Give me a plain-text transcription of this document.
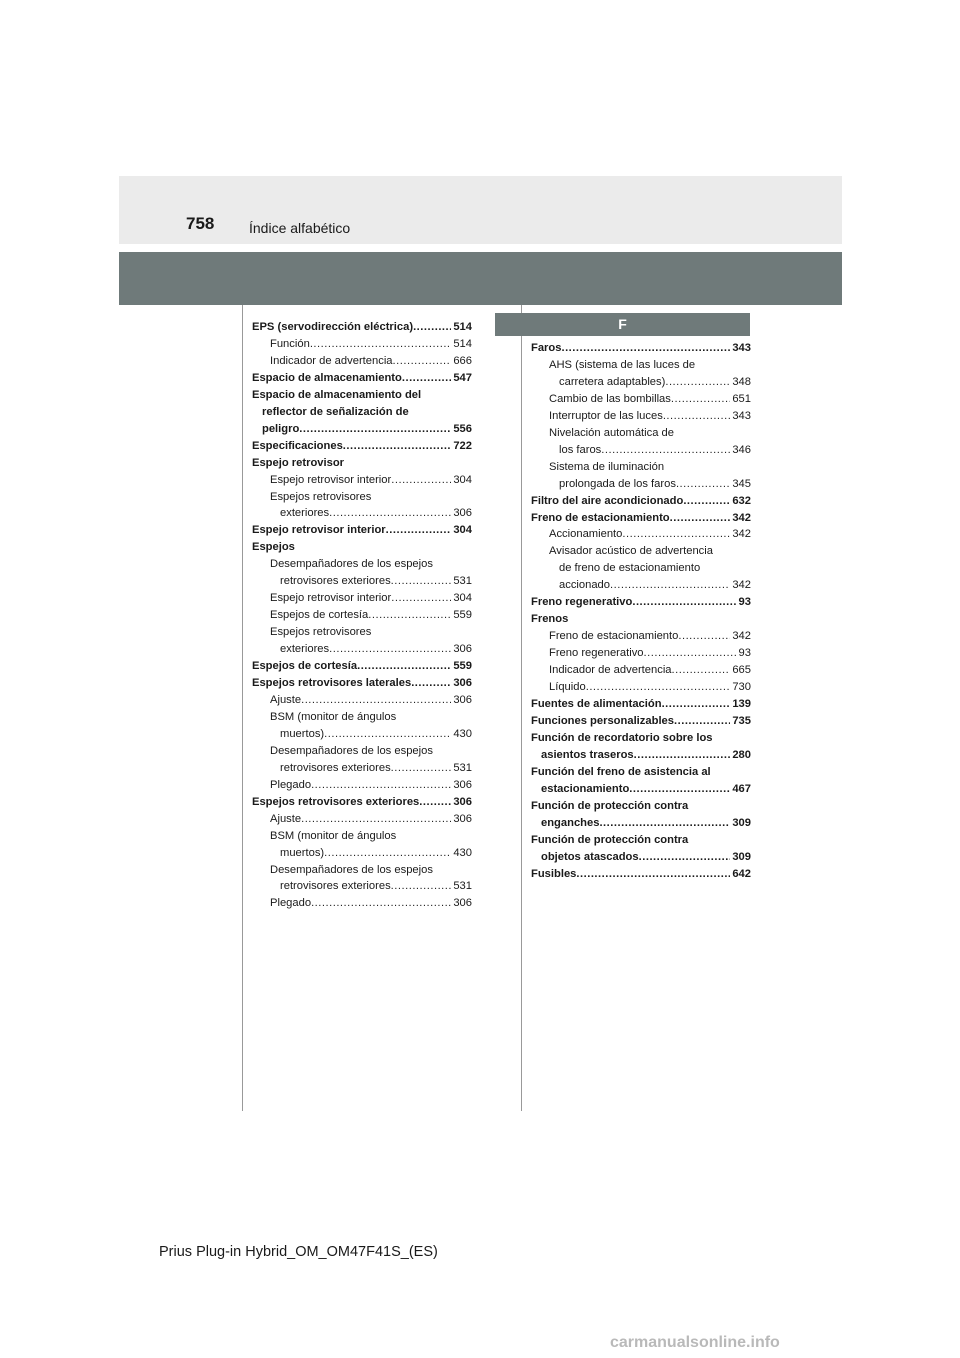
758 Índice alfabético
F
EPS (servodirección eléctrica) .....	514
Función .....	514
Indicador de advertencia .....	666
Espacio de almacenamiento .....	547
Espacio de almacenamiento del
reflector de señalización de
peligro .....	556
Especificaciones .....	722
Espejo retrovisor
Espejo retrovisor interior .....	304
Espejos retrovisores
exteriores .....	306
Espejo retrovisor interior .....	304
Espejos
Desempañadores de los espejos
retrovisores exteriores .....	531
Espejo retrovisor interior .....	304
Espejos de cortesía .....	559
Espejos retrovisores
exteriores .....	306
Espejos de cortesía .....	559
Espejos retrovisores laterales .....	306
Ajuste .....	306
BSM (monitor de ángulos
muertos) .....	430
Desempañadores de los espejos
retrovisores exteriores .....	531
Plegado .....	306
Espejos retrovisores exteriores .....	306
Ajuste .....	306
BSM (monitor de ángulos
muertos) .....	430
Desempañadores de los espejos
retrovisores exteriores .....	531
Plegado .....	306
Faros .....	343
AHS (sistema de las luces de
carretera adaptables) .....	348
Cambio de las bombillas .....	651
Interruptor de las luces .....	343
Nivelación automática de
los faros .....	346
Sistema de iluminación
prolongada de los faros .....	345
Filtro del aire acondicionado .....	632
Freno de estacionamiento .....	342
Accionamiento .....	342
Avisador acústico de advertencia
de freno de estacionamiento
accionado .....	342
Freno regenerativo .....	93
Frenos
Freno de estacionamiento .....	342
Freno regenerativo .....	93
Indicador de advertencia .....	665
Líquido .....	730
Fuentes de alimentación .....	139
Funciones personalizables .....	735
Función de recordatorio sobre los
asientos traseros .....	280
Función del freno de asistencia al
estacionamiento .....	467
Función de protección contra
enganches .....	309
Función de protección contra
objetos atascados .....	309
Fusibles .....	642
Prius Plug-in Hybrid_OM_OM47F41S_(ES)
carmanualsonline.info
